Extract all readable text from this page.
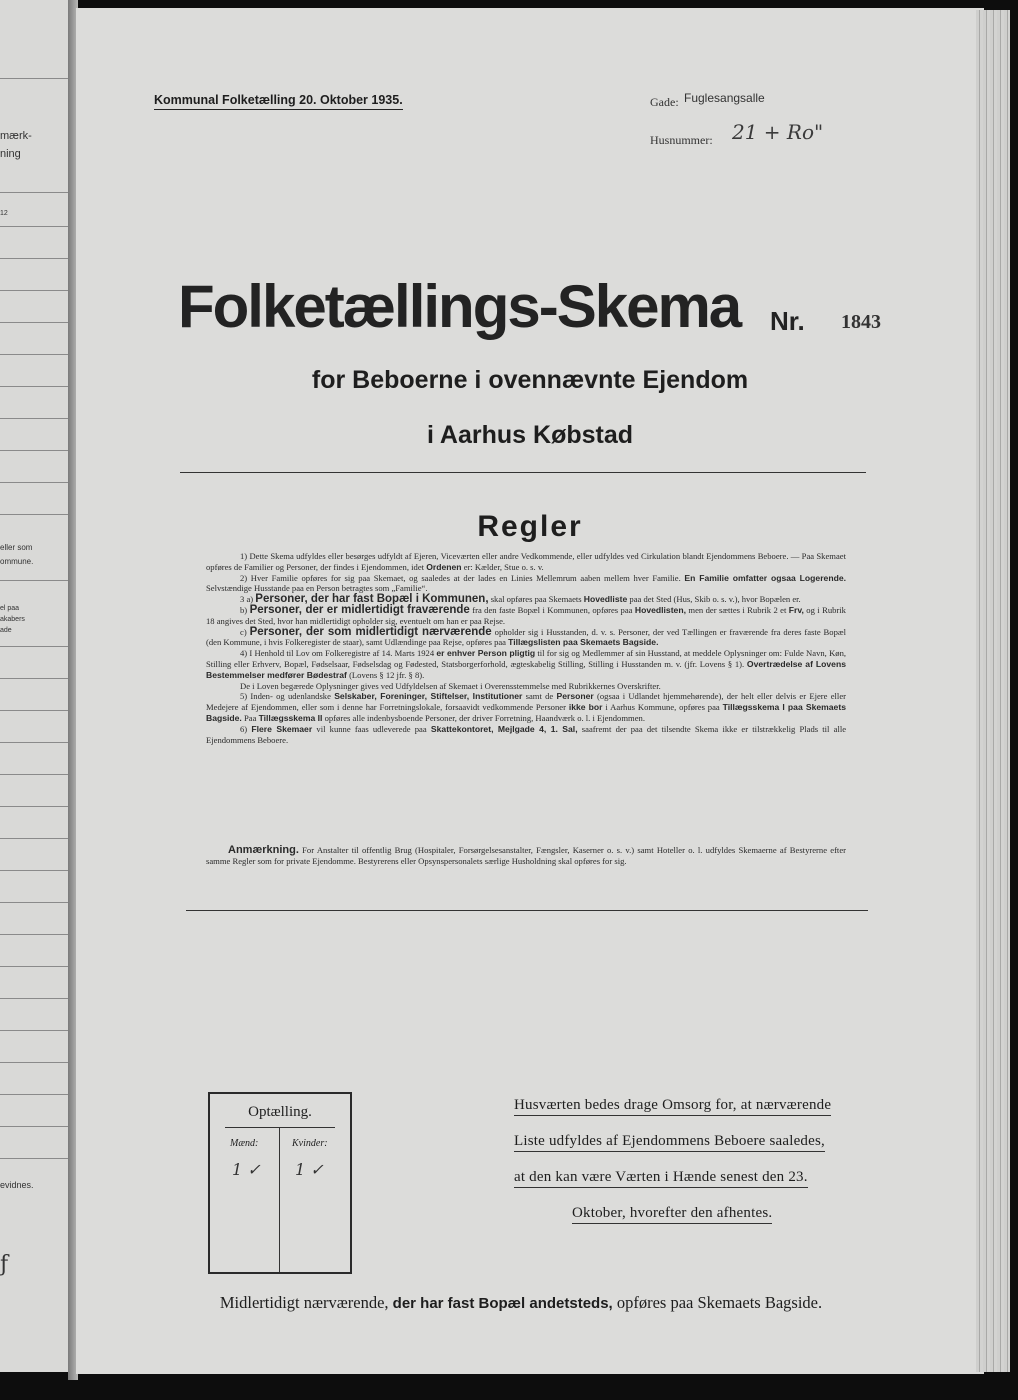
mærk-
ning
12
eller som
ommune.
el paa
akabers
ade
evidnes.
ƒ
Kommunal Folketælling 20. Oktober 1935.	Gade: Fuglesangsalle
Husnummer: 21 + Ro"
Folketællings-Skema Nr. 1843
for Beboerne i ovennævnte Ejendom
i Aarhus Købstad
Regler

1) Dette Skema udfyldes eller besørges udfyldt af Ejeren, Viceværten eller andre Vedkommende, eller udfyldes ved Cirkulation blandt Ejendommens Beboere. — Paa Skemaet opføres de Familier og Personer, der findes i Ejendommen, idet Ordenen er: Kælder, Stue o. s. v.

2) Hver Familie opføres for sig paa Skemaet, og saaledes at der lades en Linies Mellemrum aaben mellem hver Familie. En Familie omfatter ogsaa Logerende. Selvstændige Husstande paa en Person betragtes som „Familie“.

3 a) Personer, der har fast Bopæl i Kommunen, skal opføres paa Skemaets Hovedliste paa det Sted (Hus, Skib o. s. v.), hvor Bopælen er.

b) Personer, der er midlertidigt fraværende fra den faste Bopæl i Kommunen, opføres paa Hovedlisten, men der sættes i Rubrik 2 et Frv, og i Rubrik 18 angives det Sted, hvor han midlertidigt opholder sig, eventuelt om han er paa Rejse.

c) Personer, der som midlertidigt nærværende opholder sig i Husstanden, d. v. s. Personer, der ved Tællingen er fraværende fra deres faste Bopæl (den Kommune, i hvis Folkeregister de staar), samt Udlændinge paa Rejse, opføres paa Tillægslisten paa Skemaets Bagside.

4) I Henhold til Lov om Folkeregistre af 14. Marts 1924 er enhver Person pligtig til for sig og Medlemmer af sin Husstand, at meddele Oplysninger om: Fulde Navn, Køn, Stilling eller Erhverv, Bopæl, Fødselsaar, Fødselsdag og Fødested, Statsborgerforhold, ægteskabelig Stilling, Stilling i Husstanden m. v. (jfr. Lovens § 1). Overtrædelse af Lovens Bestemmelser medfører Bødestraf (Lovens § 12 jfr. § 8).

De i Loven begærede Oplysninger gives ved Udfyldelsen af Skemaet i Overensstemmelse med Rubrikkernes Overskrifter.

5) Inden- og udenlandske Selskaber, Foreninger, Stiftelser, Institutioner samt de Personer (ogsaa i Udlandet hjemmehørende), der helt eller delvis er Ejere eller Medejere af Ejendommen, eller som i denne har Forretningslokale, forsaavidt vedkommende Personer ikke bor i Aarhus Kommune, opføres paa Tillægsskema I paa Skemaets Bagside. Paa Tillægsskema II opføres alle indenbysboende Personer, der driver Forretning, Haandværk o. l. i Ejendommen.

6) Flere Skemaer vil kunne faas udleverede paa Skattekontoret, Mejlgade 4, 1. Sal, saafremt der paa det tilsendte Skema ikke er tilstrækkelig Plads til alle Ejendommens Beboere.

Anmærkning. For Anstalter til offentlig Brug (Hospitaler, Forsørgelsesanstalter, Fængsler, Kaserner o. s. v.) samt Hoteller o. l. udfyldes Skemaerne af Bestyrerne efter samme Regler som for private Ejendomme. Bestyrerens eller Opsynspersonalets særlige Husholdning skal opføres for sig.

Optælling.
Mænd:	Kvinder:
1 ✓ 1 ✓
Husværten bedes drage Omsorg for, at nærværende
Liste udfyldes af Ejendommens Beboere saaledes,
at den kan være Værten i Hænde senest den 23.
Oktober, hvorefter den afhentes.
Midlertidigt nærværende, der har fast Bopæl andetsteds, opføres paa Skemaets Bagside.
